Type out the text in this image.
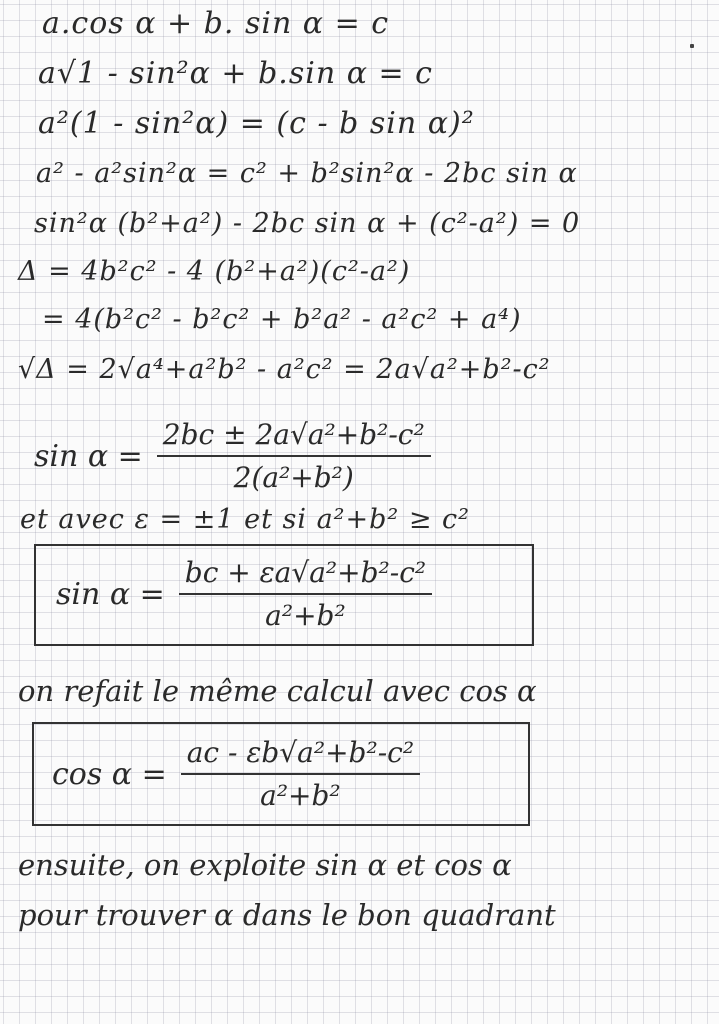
a.cos α + b. sin α = c
a√1 - sin²α + b.sin α = c
a²(1 - sin²α) = (c - b sin α)²
a² - a²sin²α = c² + b²sin²α - 2bc sin α
sin²α (b²+a²) - 2bc sin α + (c²-a²) = 0
Δ = 4b²c² - 4 (b²+a²)(c²-a²)
= 4(b²c² - b²c² + b²a² - a²c² + a⁴)
√Δ = 2√a⁴+a²b² - a²c² = 2a√a²+b²-c²
$\sin \alpha = \frac{\text{2bc ± 2a√a²+b²-c²}}{\text{2(a²+b²)}}$
et avec ε = ±1 et si a²+b² ≥ c²
$\sin \alpha = \frac{\text{bc + εa√a²+b²-c²}}{\text{a²+b²}}$
on refait le même calcul avec cos α
$\cos \alpha = \frac{\text{ac - εb√a²+b²-c²}}{\text{a²+b²}}$
ensuite, on exploite sin α et cos α
pour trouver α dans le bon quadrant
